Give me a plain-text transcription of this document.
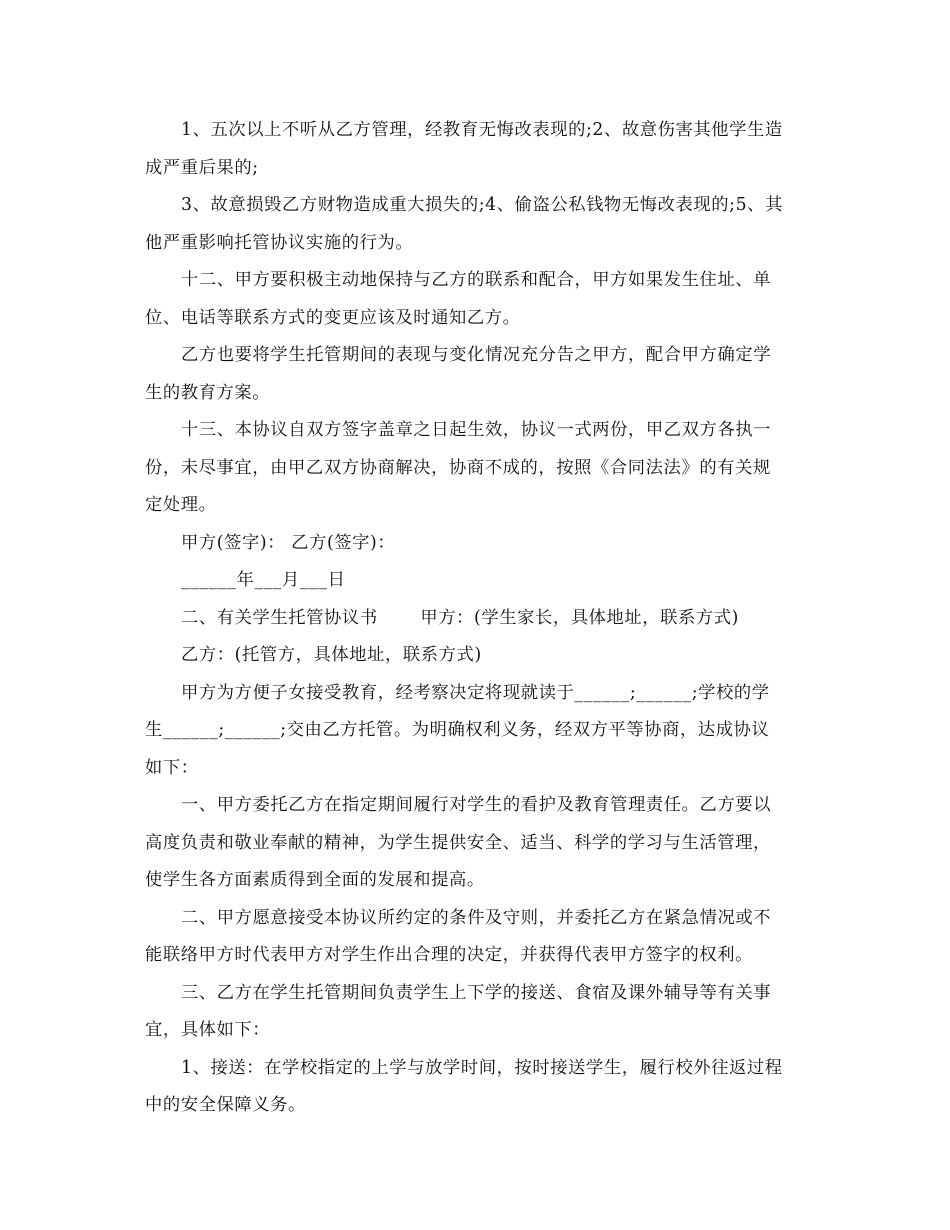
1、五次以上不听从乙方管理，经教育无悔改表现的;2、故意伤害其他学生造
成严重后果的;
3、故意损毁乙方财物造成重大损失的;4、偷盗公私钱物无悔改表现的;5、其
他严重影响托管协议实施的行为。
十二、甲方要积极主动地保持与乙方的联系和配合，甲方如果发生住址、单
位、电话等联系方式的变更应该及时通知乙方。
乙方也要将学生托管期间的表现与变化情况充分告之甲方，配合甲方确定学
生的教育方案。
十三、本协议自双方签字盖章之日起生效，协议一式两份，甲乙双方各执一
份，未尽事宜，由甲乙双方协商解决，协商不成的，按照《合同法法》的有关规
定处理。
甲方(签字)： 乙方(签字)：
______年___月___日
二、有关学生托管协议书       甲方：(学生家长，具体地址，联系方式)
乙方：(托管方，具体地址，联系方式)
甲方为方便子女接受教育，经考察决定将现就读于______;______;学校的学
生______;______;交由乙方托管。为明确权利义务，经双方平等协商，达成协议
如下：
一、甲方委托乙方在指定期间履行对学生的看护及教育管理责任。乙方要以
高度负责和敬业奉献的精神，为学生提供安全、适当、科学的学习与生活管理，
使学生各方面素质得到全面的发展和提高。
二、甲方愿意接受本协议所约定的条件及守则，并委托乙方在紧急情况或不
能联络甲方时代表甲方对学生作出合理的决定，并获得代表甲方签字的权利。
三、乙方在学生托管期间负责学生上下学的接送、食宿及课外辅导等有关事
宜，具体如下：
1、接送：在学校指定的上学与放学时间，按时接送学生，履行校外往返过程
中的安全保障义务。
